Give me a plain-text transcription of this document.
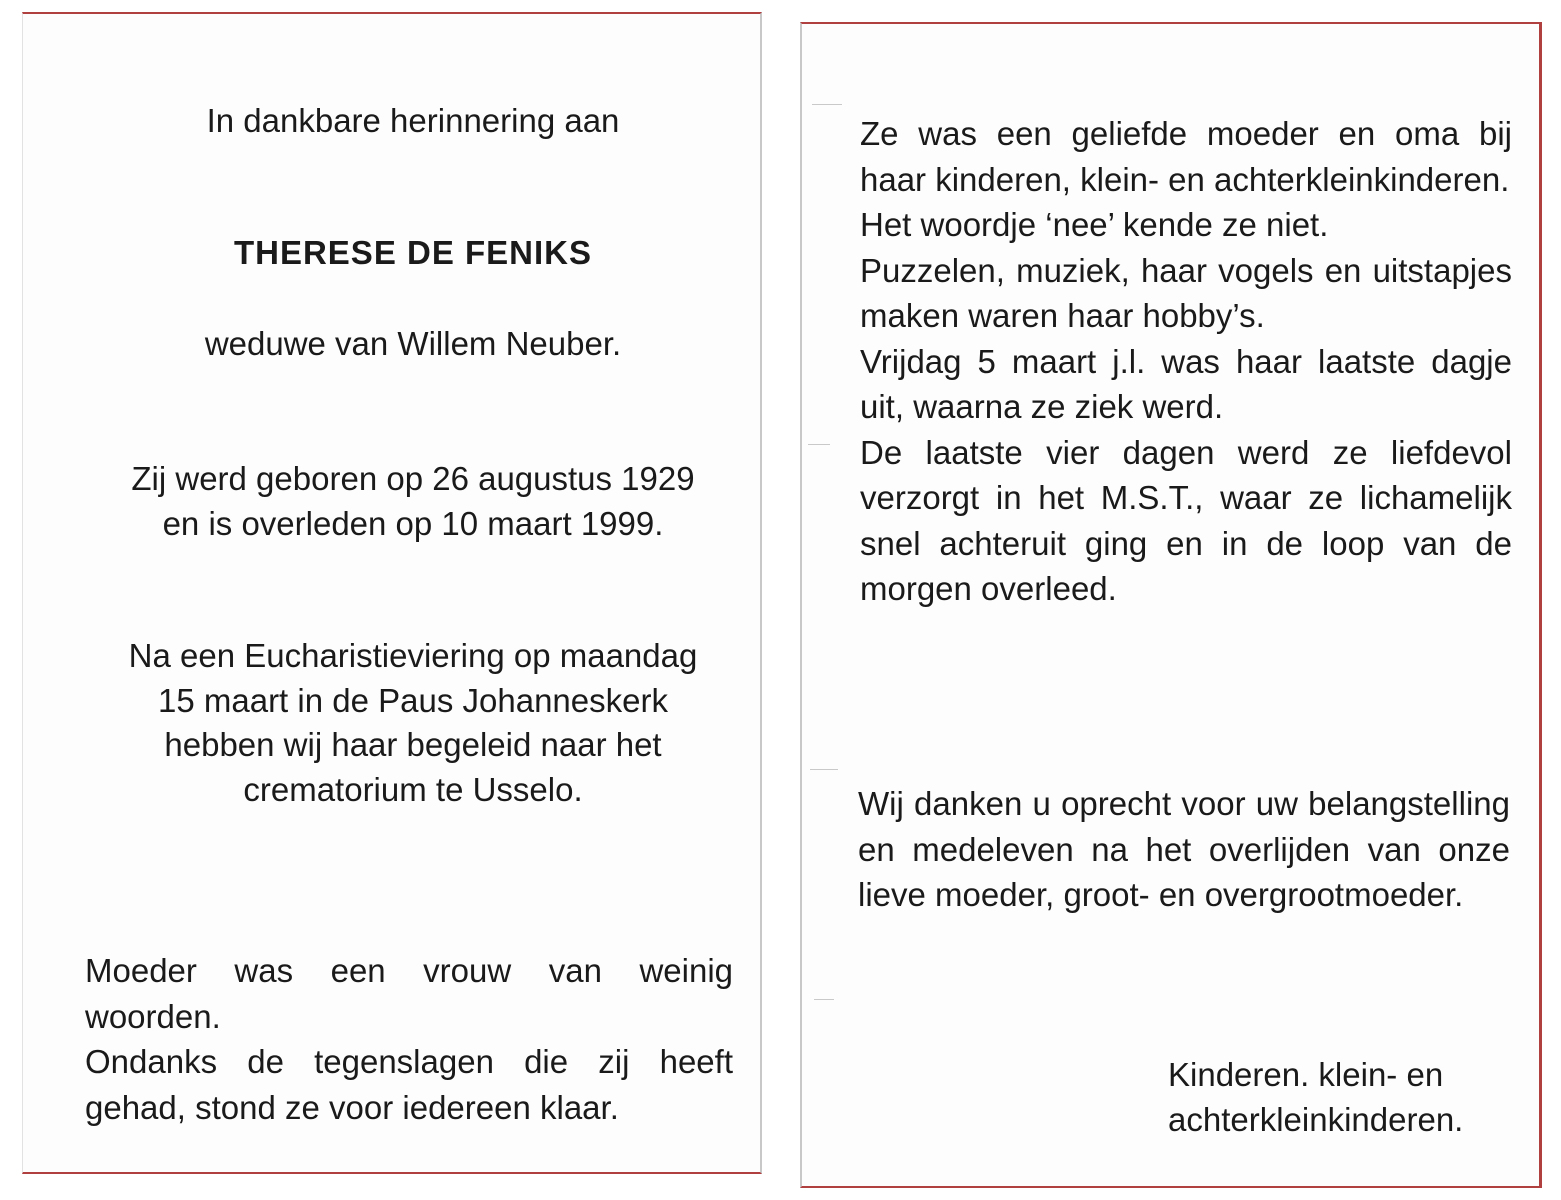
In dankbare herinnering aan

THERESE DE FENIKS

weduwe van Willem Neuber.

Zij werd geboren op 26 augustus 1929

en is overleden op 10 maart 1999.

Na een Eucharistieviering op maandag

15 maart in de Paus Johanneskerk

hebben wij haar begeleid naar het

crematorium te Usselo.

Moeder was een vrouw van weinig woorden.

Ondanks de tegenslagen die zij heeft gehad, stond ze voor iedereen klaar.

Ze was een geliefde moeder en oma bij haar kinderen, klein- en achterkleinkinderen.

Het woordje ‘nee’ kende ze niet.

Puzzelen, muziek, haar vogels en uitstapjes maken waren haar hobby’s.

Vrijdag 5 maart j.l. was haar laatste dagje uit, waarna ze ziek werd.

De laatste vier dagen werd ze liefdevol verzorgt in het M.S.T., waar ze lichamelijk snel achteruit ging en in de loop van de morgen overleed.

Wij danken u oprecht voor uw belangstelling en medeleven na het overlijden van onze lieve moeder, groot- en overgrootmoeder.

Kinderen. klein- en

achterkleinkinderen.
